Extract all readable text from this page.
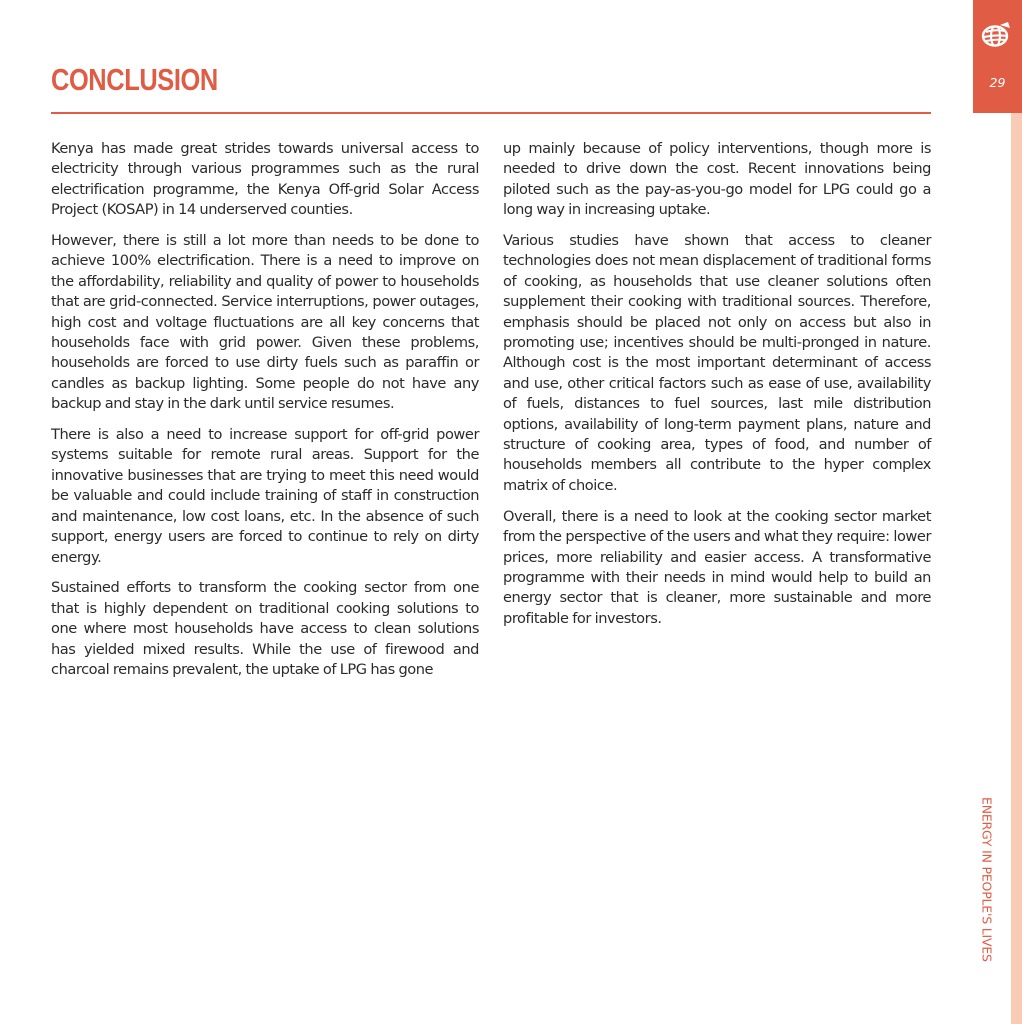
CONCLUSION

Kenya has made great strides towards universal access to electricity through various programmes such as the rural electrification programme, the Kenya Off-grid Solar Access Project (KOSAP) in 14 underserved counties.

However, there is still a lot more than needs to be done to achieve 100% electrification. There is a need to improve on the affordability, reliability and quality of power to households that are grid-connected. Service interruptions, power outages, high cost and voltage fluctuations are all key concerns that households face with grid power. Given these problems, households are forced to use dirty fuels such as paraffin or candles as backup lighting. Some people do not have any backup and stay in the dark until service resumes.

There is also a need to increase support for off-grid power systems suitable for remote rural areas. Support for the innovative businesses that are trying to meet this need would be valuable and could include training of staff in construction and maintenance, low cost loans, etc. In the absence of such support, energy users are forced to continue to rely on dirty energy.

Sustained efforts to transform the cooking sector from one that is highly dependent on traditional cooking solutions to one where most households have access to clean solutions has yielded mixed results. While the use of firewood and charcoal remains prevalent, the uptake of LPG has gone

up mainly because of policy interventions, though more is needed to drive down the cost. Recent innovations being piloted such as the pay-as-you-go model for LPG could go a long way in increasing uptake.

Various studies have shown that access to cleaner technologies does not mean displacement of traditional forms of cooking, as households that use cleaner solutions often supplement their cooking with traditional sources. Therefore, emphasis should be placed not only on access but also in promoting use; incentives should be multi-pronged in nature. Although cost is the most important determinant of access and use, other critical factors such as ease of use, availability of fuels, distances to fuel sources, last mile distribution options, availability of long-term payment plans, nature and structure of cooking area, types of food, and number of households members all contribute to the hyper complex matrix of choice.

Overall, there is a need to look at the cooking sector market from the perspective of the users and what they require: lower prices, more reliability and easier access. A transformative programme with their needs in mind would help to build an energy sector that is cleaner, more sustainable and more profitable for investors.

29
ENERGY IN PEOPLE'S LIVES
